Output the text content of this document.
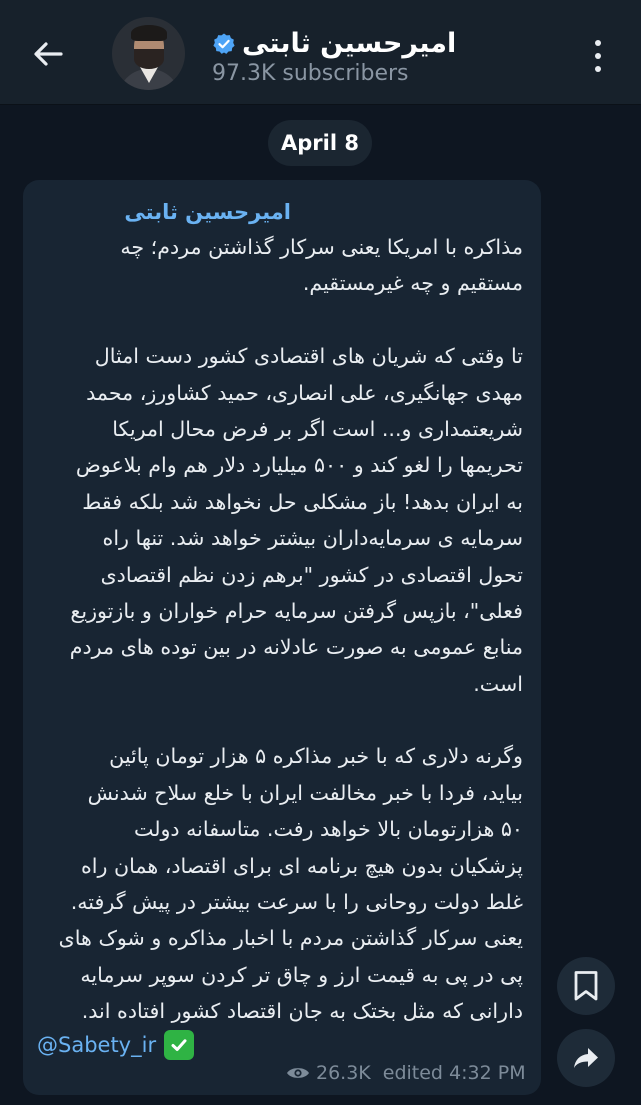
امیرحسین ثابتی
97.3K subscribers
April 8
امیرحسین ثابتی
مذاکره با امریکا یعنی سرکار گذاشتن مردم؛ چه
مستقیم و چه غیرمستقیم.
تا وقتی که شریان های اقتصادی کشور دست امثال
مهدی جهانگیری، علی انصاری، حمید کشاورز، محمد
شریعتمداری و... است اگر بر فرض محال امریکا
تحریمها را لغو کند و ۵۰۰ میلیارد دلار هم وام بلاعوض
به ایران بدهد! باز مشکلی حل نخواهد شد بلکه فقط
سرمایه ی سرمایه‌داران بیشتر خواهد شد. تنها راه
تحول اقتصادی در کشور "برهم زدن نظم اقتصادی
فعلی"، بازپس گرفتن سرمایه حرام خواران و بازتوزیع
منابع عمومی به صورت عادلانه در بین توده های مردم
است.
وگرنه دلاری که با خبر مذاکره ۵ هزار تومان پائین
بیاید، فردا با خبر مخالفت ایران با خلع سلاح شدنش
۵۰ هزارتومان بالا خواهد رفت. متاسفانه دولت
پزشکیان بدون هیچ برنامه ای برای اقتصاد، همان راه
غلط دولت روحانی را با سرعت بیشتر در پیش گرفته.
یعنی سرکار گذاشتن مردم با اخبار مذاکره و شوک های
پی در پی به قیمت ارز و چاق تر کردن سوپر سرمایه
دارانی که مثل بختک به جان اقتصاد کشور افتاده اند.
@Sabety_ir
26.3K edited 4:32 PM
